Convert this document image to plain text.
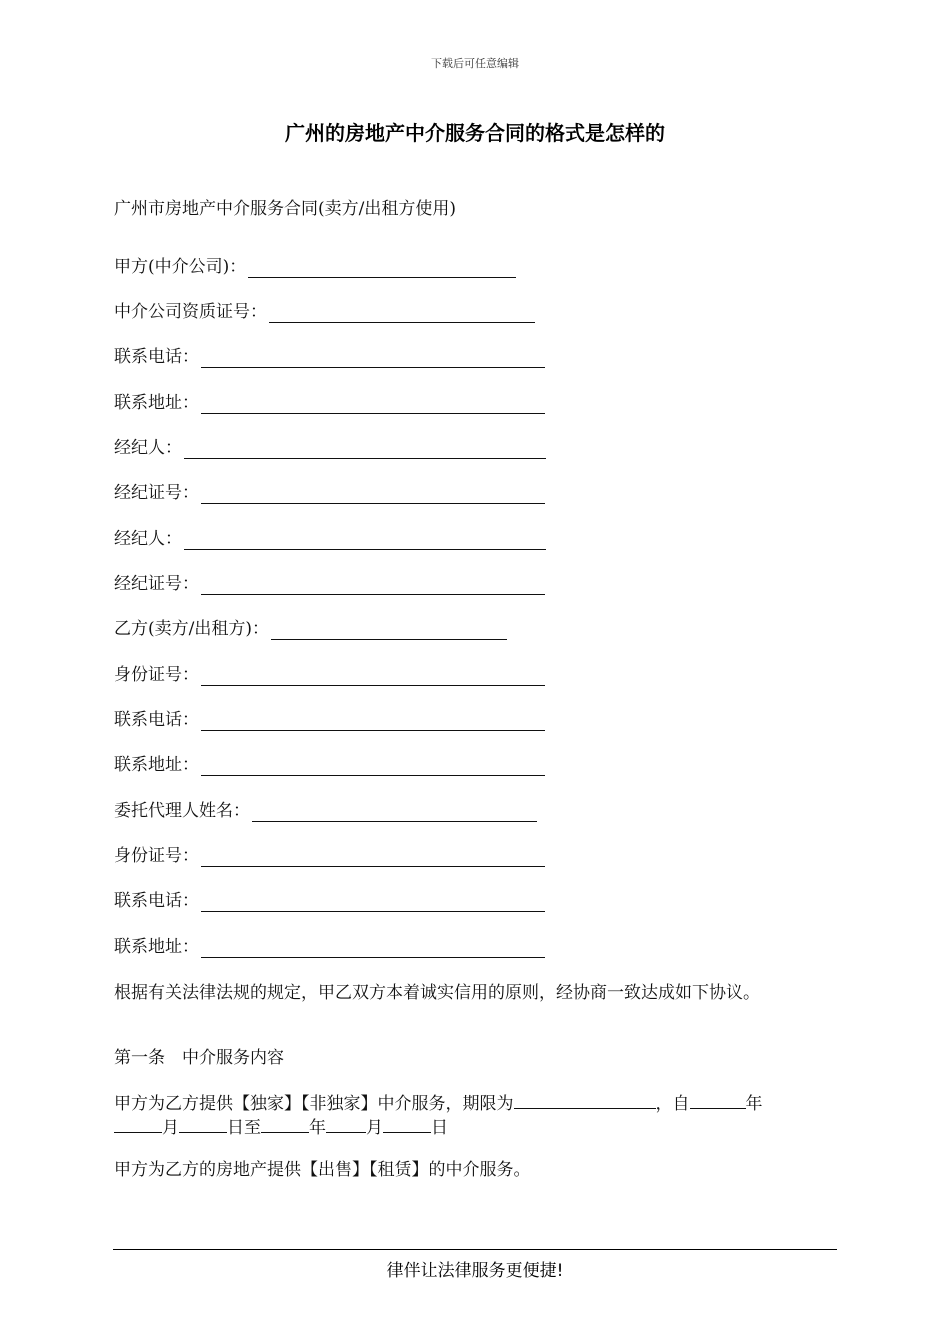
下载后可任意编辑
广州的房地产中介服务合同的格式是怎样的
广州市房地产中介服务合同(卖方/出租方使用)
甲方(中介公司)：
中介公司资质证号：
联系电话：
联系地址：
经纪人：
经纪证号：
经纪人：
经纪证号：
乙方(卖方/出租方)：
身份证号：
联系电话：
联系地址：
委托代理人姓名：
身份证号：
联系电话：
联系地址：
根据有关法律法规的规定，甲乙双方本着诚实信用的原则，经协商一致达成如下协议。
第一条　中介服务内容
甲方为乙方提供【独家】【非独家】中介服务，期限为	，自	年
月	日至	年 月	日
甲方为乙方的房地产提供【出售】【租赁】的中介服务。
律伴让法律服务更便捷!
